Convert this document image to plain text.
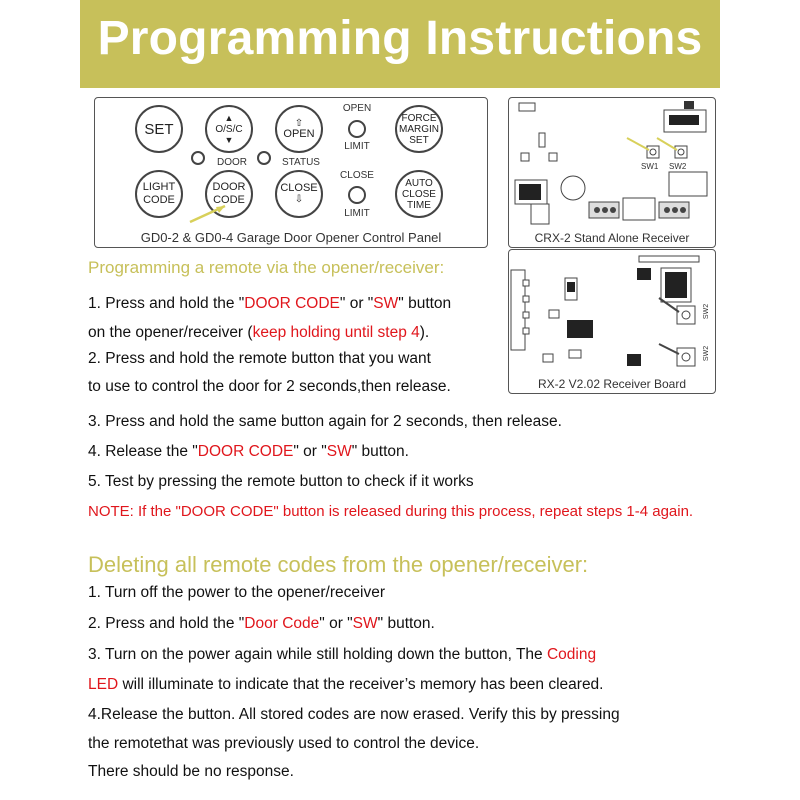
Programming Instructions
SET
▲
O/S/C
▼
⇧
OPEN
OPEN
LIMIT
FORCE
MARGIN
SET
DOOR	STATUS
LIGHT
CODE
DOOR
CODE
CLOSE
⇩
CLOSE
LIMIT
AUTO
CLOSE
TIME
GD0-2 & GD0-4 Garage Door Opener Control Panel
SW1 SW2
CRX-2 Stand Alone Receiver
SW2
SW2
RX-2 V2.02 Receiver Board
Programming a remote via the opener/receiver:
1. Press and hold the "DOOR CODE" or "SW" button
on the opener/receiver (keep holding until step 4).
2. Press and hold the remote button that you want
to use to control the door for 2 seconds,then release.
3. Press and hold the same button again for 2 seconds, then release.
4. Release the "DOOR CODE" or "SW" button.
5. Test by pressing the remote button to check if it works
NOTE: If the "DOOR CODE" button is released during this process, repeat steps 1-4 again.
Deleting all remote codes from the opener/receiver:
1. Turn off the power to the opener/receiver
2. Press and hold the "Door Code" or "SW" button.
3. Turn on the power again while still holding down the button, The Coding
LED will illuminate to indicate that the receiver’s memory has been cleared.
4.Release the button. All stored codes are now erased. Verify this by pressing
the remotethat was previously used to control the device.
There should be no response.
